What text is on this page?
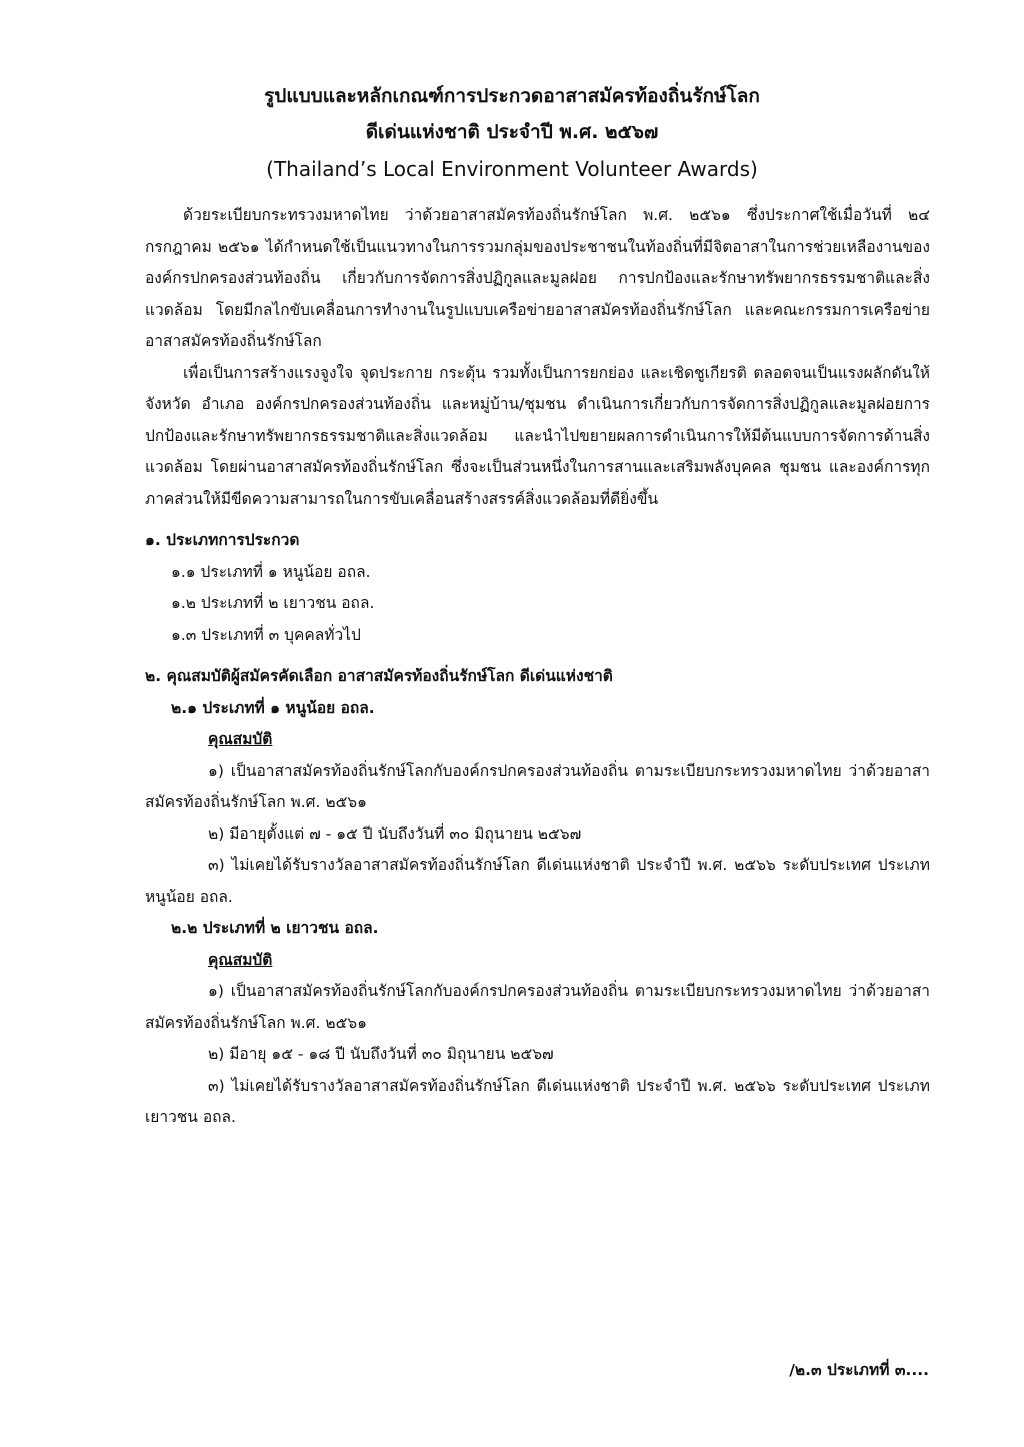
รูปแบบและหลักเกณฑ์การประกวดอาสาสมัครท้องถิ่นรักษ์โลก
ดีเด่นแห่งชาติ ประจำปี พ.ศ. ๒๕๖๗
(Thailand’s Local Environment Volunteer Awards)

ด้วยระเบียบกระทรวงมหาดไทย ว่าด้วยอาสาสมัครท้องถิ่นรักษ์โลก พ.ศ. ๒๕๖๑ ซึ่งประกาศใช้เมื่อวันที่ ๒๔ กรกฎาคม ๒๕๖๑ ได้กำหนดใช้เป็นแนวทางในการรวมกลุ่มของประชาชนในท้องถิ่นที่มีจิตอาสาในการช่วยเหลืองานขององค์กรปกครองส่วนท้องถิ่น เกี่ยวกับการจัดการสิ่งปฏิกูลและมูลฝอย การปกป้องและรักษาทรัพยากรธรรมชาติและสิ่งแวดล้อม โดยมีกลไกขับเคลื่อนการทำงานในรูปแบบเครือข่ายอาสาสมัครท้องถิ่นรักษ์โลก และคณะกรรมการเครือข่าย อาสาสมัครท้องถิ่นรักษ์โลก

เพื่อเป็นการสร้างแรงจูงใจ จุดประกาย กระตุ้น รวมทั้งเป็นการยกย่อง และเชิดชูเกียรติ ตลอดจนเป็นแรงผลักดันให้จังหวัด อำเภอ องค์กรปกครองส่วนท้องถิ่น และหมู่บ้าน/ชุมชน ดำเนินการเกี่ยวกับการจัดการสิ่งปฏิกูลและมูลฝอยการปกป้องและรักษาทรัพยากรธรรมชาติและสิ่งแวดล้อม และนำไปขยายผลการดำเนินการให้มีต้นแบบการจัดการด้านสิ่งแวดล้อม โดยผ่านอาสาสมัครท้องถิ่นรักษ์โลก ซึ่งจะเป็นส่วนหนึ่งในการสานและเสริมพลังบุคคล ชุมชน และองค์การทุกภาคส่วนให้มีขีดความสามารถในการขับเคลื่อนสร้างสรรค์สิ่งแวดล้อมที่ดียิ่งขึ้น

๑. ประเภทการประกวด

๑.๑ ประเภทที่ ๑ หนูน้อย อถล.

๑.๒ ประเภทที่ ๒ เยาวชน อถล.

๑.๓ ประเภทที่ ๓ บุคคลทั่วไป

๒. คุณสมบัติผู้สมัครคัดเลือก อาสาสมัครท้องถิ่นรักษ์โลก ดีเด่นแห่งชาติ

๒.๑ ประเภทที่ ๑ หนูน้อย อถล.

คุณสมบัติ

๑) เป็นอาสาสมัครท้องถิ่นรักษ์โลกกับองค์กรปกครองส่วนท้องถิ่น ตามระเบียบกระทรวงมหาดไทย ว่าด้วยอาสาสมัครท้องถิ่นรักษ์โลก พ.ศ. ๒๕๖๑

๒) มีอายุตั้งแต่ ๗ - ๑๕ ปี นับถึงวันที่ ๓๐ มิถุนายน ๒๕๖๗

๓) ไม่เคยได้รับรางวัลอาสาสมัครท้องถิ่นรักษ์โลก ดีเด่นแห่งชาติ ประจำปี พ.ศ. ๒๕๖๖ ระดับประเทศ ประเภท หนูน้อย อถล.

๒.๒ ประเภทที่ ๒ เยาวชน อถล.

คุณสมบัติ

๑) เป็นอาสาสมัครท้องถิ่นรักษ์โลกกับองค์กรปกครองส่วนท้องถิ่น ตามระเบียบกระทรวงมหาดไทย ว่าด้วยอาสาสมัครท้องถิ่นรักษ์โลก พ.ศ. ๒๕๖๑

๒) มีอายุ ๑๕ - ๑๘ ปี นับถึงวันที่ ๓๐ มิถุนายน ๒๕๖๗

๓) ไม่เคยได้รับรางวัลอาสาสมัครท้องถิ่นรักษ์โลก ดีเด่นแห่งชาติ ประจำปี พ.ศ. ๒๕๖๖ ระดับประเทศ ประเภท เยาวชน อถล.

/๒.๓ ประเภทที่ ๓....
